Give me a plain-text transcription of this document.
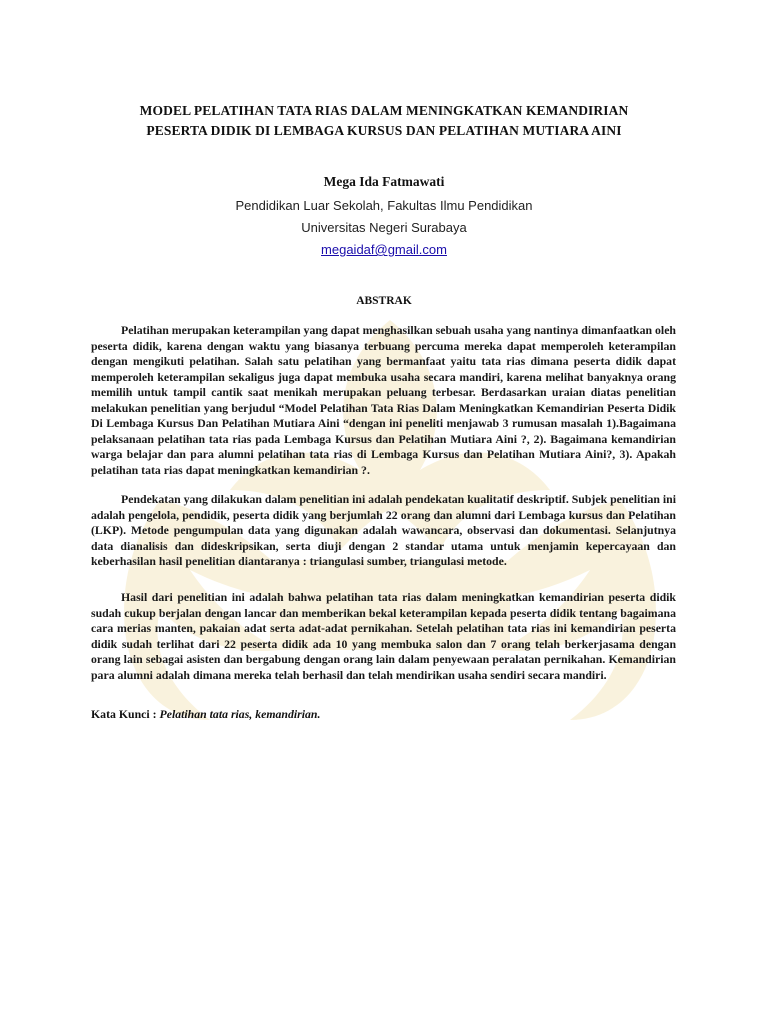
MODEL PELATIHAN TATA RIAS DALAM MENINGKATKAN KEMANDIRIAN
PESERTA DIDIK DI LEMBAGA KURSUS DAN PELATIHAN MUTIARA AINI
Mega Ida Fatmawati
Pendidikan Luar Sekolah, Fakultas Ilmu Pendidikan
Universitas Negeri Surabaya
megaidaf@gmail.com
ABSTRAK

Pelatihan merupakan keterampilan yang dapat menghasilkan sebuah usaha yang nantinya dimanfaatkan oleh peserta didik, karena dengan waktu yang biasanya terbuang percuma mereka dapat memperoleh keterampilan dengan mengikuti pelatihan. Salah satu pelatihan yang bermanfaat yaitu tata rias dimana peserta didik dapat memperoleh keterampilan sekaligus juga dapat membuka usaha secara mandiri, karena melihat banyaknya orang memilih untuk tampil cantik saat menikah merupakan peluang terbesar. Berdasarkan uraian diatas penelitian melakukan penelitian yang berjudul “Model Pelatihan Tata Rias Dalam Meningkatkan Kemandirian Peserta Didik Di Lembaga Kursus Dan Pelatihan Mutiara Aini “dengan ini peneliti menjawab 3 rumusan masalah 1).Bagaimana pelaksanaan pelatihan tata rias pada Lembaga Kursus dan Pelatihan Mutiara Aini ?, 2). Bagaimana kemandirian warga belajar dan para alumni pelatihan tata rias di Lembaga Kursus dan Pelatihan Mutiara Aini?, 3). Apakah pelatihan tata rias dapat meningkatkan kemandirian ?.

Pendekatan yang dilakukan dalam penelitian ini adalah pendekatan kualitatif deskriptif. Subjek penelitian ini adalah pengelola, pendidik, peserta didik yang berjumlah 22 orang dan alumni dari Lembaga kursus dan Pelatihan (LKP). Metode pengumpulan data yang digunakan adalah wawancara, observasi dan dokumentasi. Selanjutnya data dianalisis dan dideskripsikan, serta diuji dengan 2 standar utama untuk menjamin kepercayaan dan keberhasilan hasil penelitian diantaranya : triangulasi sumber, triangulasi metode.

Hasil dari penelitian ini adalah bahwa pelatihan tata rias dalam meningkatkan kemandirian peserta didik sudah cukup berjalan dengan lancar dan memberikan bekal keterampilan kepada peserta didik tentang bagaimana cara merias manten, pakaian adat serta adat-adat pernikahan. Setelah pelatihan tata rias ini kemandirian peserta didik sudah terlihat dari 22 peserta didik ada 10 yang membuka salon dan 7 orang telah berkerjasama dengan orang lain sebagai asisten dan bergabung dengan orang lain dalam penyewaan peralatan pernikahan. Kemandirian para alumni adalah dimana mereka telah berhasil dan telah mendirikan usaha sendiri secara mandiri.

Kata Kunci : Pelatihan tata rias, kemandirian.
